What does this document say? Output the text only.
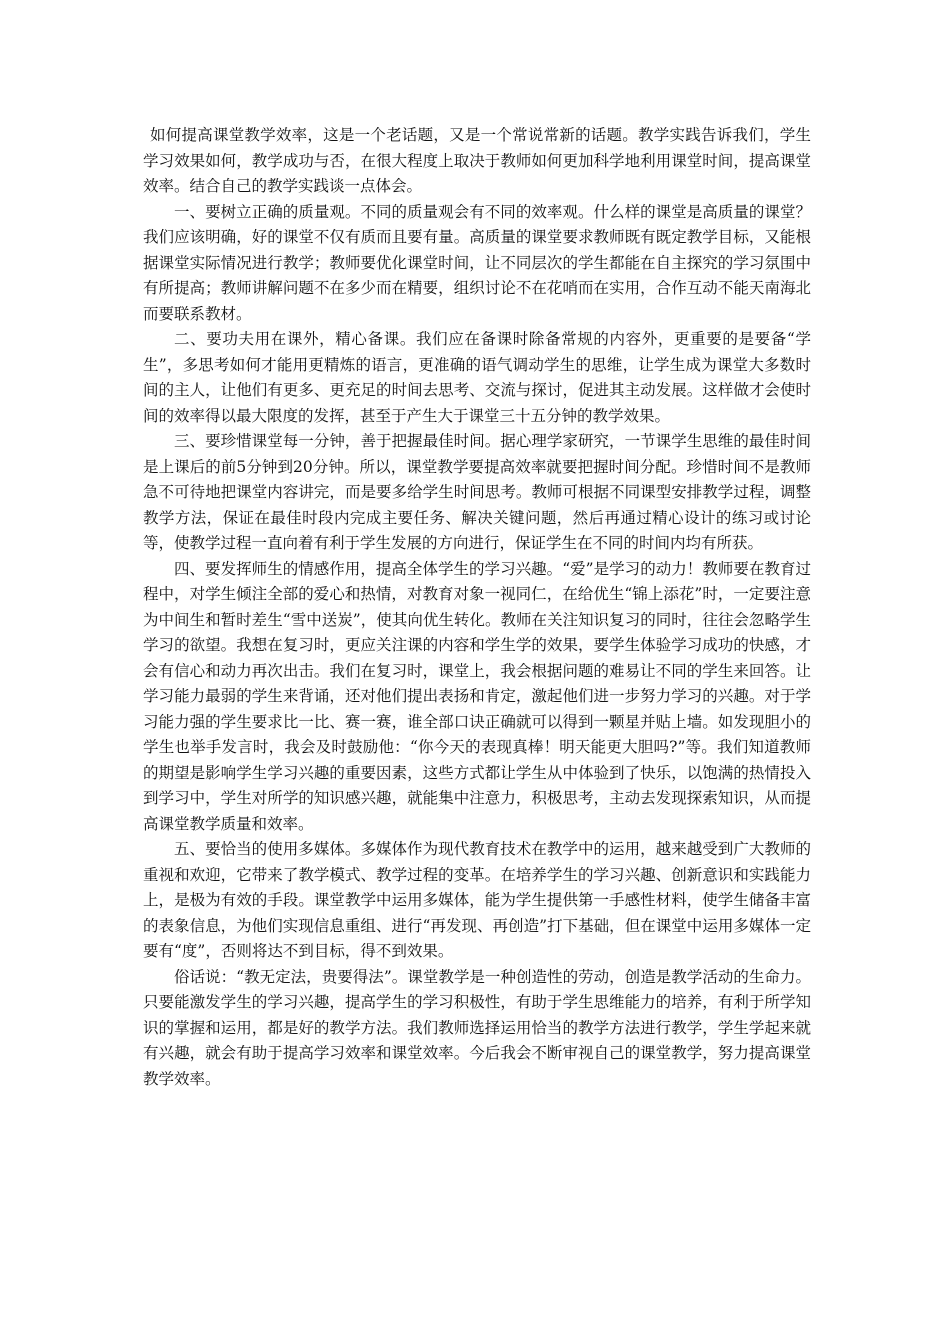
如何提高课堂教学效率，这是一个老话题，又是一个常说常新的话题。教学实践告诉我们，学生学习效果如何，教学成功与否，在很大程度上取决于教师如何更加科学地利用课堂时间，提高课堂效率。结合自己的教学实践谈一点体会。

一、要树立正确的质量观。不同的质量观会有不同的效率观。什么样的课堂是高质量的课堂？我们应该明确，好的课堂不仅有质而且要有量。高质量的课堂要求教师既有既定教学目标，又能根据课堂实际情况进行教学；教师要优化课堂时间，让不同层次的学生都能在自主探究的学习氛围中有所提高；教师讲解问题不在多少而在精要，组织讨论不在花哨而在实用，合作互动不能天南海北而要联系教材。

二、要功夫用在课外，精心备课。我们应在备课时除备常规的内容外，更重要的是要备“学生”，多思考如何才能用更精炼的语言，更准确的语气调动学生的思维，让学生成为课堂大多数时间的主人，让他们有更多、更充足的时间去思考、交流与探讨，促进其主动发展。这样做才会使时间的效率得以最大限度的发挥，甚至于产生大于课堂三十五分钟的教学效果。

三、要珍惜课堂每一分钟，善于把握最佳时间。据心理学家研究，一节课学生思维的最佳时间是上课后的前5分钟到20分钟。所以，课堂教学要提高效率就要把握时间分配。珍惜时间不是教师急不可待地把课堂内容讲完，而是要多给学生时间思考。教师可根据不同课型安排教学过程，调整教学方法，保证在最佳时段内完成主要任务、解决关键问题，然后再通过精心设计的练习或讨论等，使教学过程一直向着有利于学生发展的方向进行，保证学生在不同的时间内均有所获。

四、要发挥师生的情感作用，提高全体学生的学习兴趣。“爱”是学习的动力！教师要在教育过程中，对学生倾注全部的爱心和热情，对教育对象一视同仁，在给优生“锦上添花”时，一定要注意为中间生和暂时差生“雪中送炭”，使其向优生转化。教师在关注知识复习的同时，往往会忽略学生学习的欲望。我想在复习时，更应关注课的内容和学生学的效果，要学生体验学习成功的快感，才会有信心和动力再次出击。我们在复习时，课堂上，我会根据问题的难易让不同的学生来回答。让学习能力最弱的学生来背诵，还对他们提出表扬和肯定，激起他们进一步努力学习的兴趣。对于学习能力强的学生要求比一比、赛一赛，谁全部口诀正确就可以得到一颗星并贴上墙。如发现胆小的学生也举手发言时，我会及时鼓励他：“你今天的表现真棒！明天能更大胆吗?”等。我们知道教师的期望是影响学生学习兴趣的重要因素，这些方式都让学生从中体验到了快乐，以饱满的热情投入到学习中，学生对所学的知识感兴趣，就能集中注意力，积极思考，主动去发现探索知识，从而提高课堂教学质量和效率。

五、要恰当的使用多媒体。多媒体作为现代教育技术在教学中的运用，越来越受到广大教师的重视和欢迎，它带来了教学模式、教学过程的变革。在培养学生的学习兴趣、创新意识和实践能力上，是极为有效的手段。课堂教学中运用多媒体，能为学生提供第一手感性材料，使学生储备丰富的表象信息，为他们实现信息重组、进行“再发现、再创造”打下基础，但在课堂中运用多媒体一定要有“度”，否则将达不到目标，得不到效果。

俗话说：“教无定法，贵要得法”。课堂教学是一种创造性的劳动，创造是教学活动的生命力。只要能激发学生的学习兴趣，提高学生的学习积极性，有助于学生思维能力的培养，有利于所学知识的掌握和运用，都是好的教学方法。我们教师选择运用恰当的教学方法进行教学，学生学起来就有兴趣，就会有助于提高学习效率和课堂效率。今后我会不断审视自己的课堂教学，努力提高课堂教学效率。
